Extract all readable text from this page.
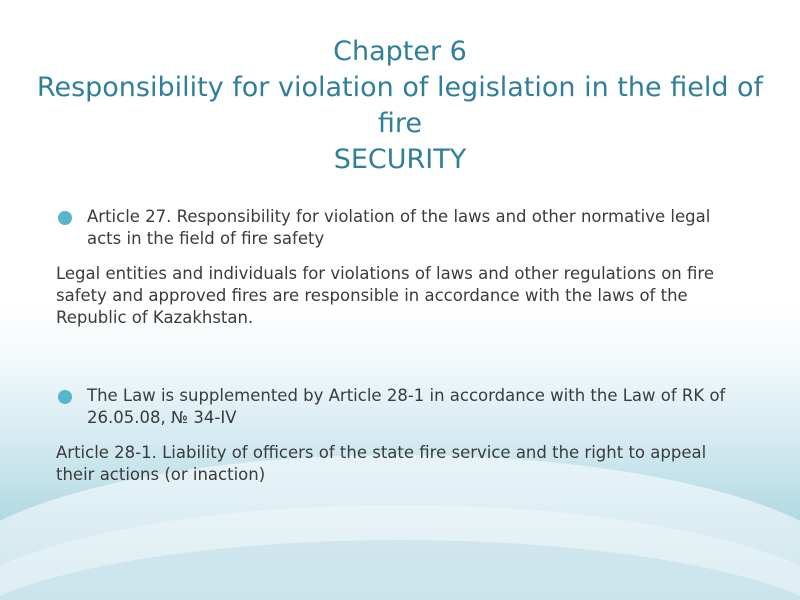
Chapter 6
Responsibility for violation of legislation in the field of fire
SECURITY
Article 27. Responsibility for violation of the laws and other normative legal acts in the field of fire safety

Legal entities and individuals for violations of laws and other regulations on fire safety and approved fires are responsible in accordance with the laws of the Republic of Kazakhstan.

The Law is supplemented by Article 28-1 in accordance with the Law of RK of 26.05.08, № 34-IV

Article 28-1. Liability of officers of the state fire service and the right to appeal their actions (or inaction)
